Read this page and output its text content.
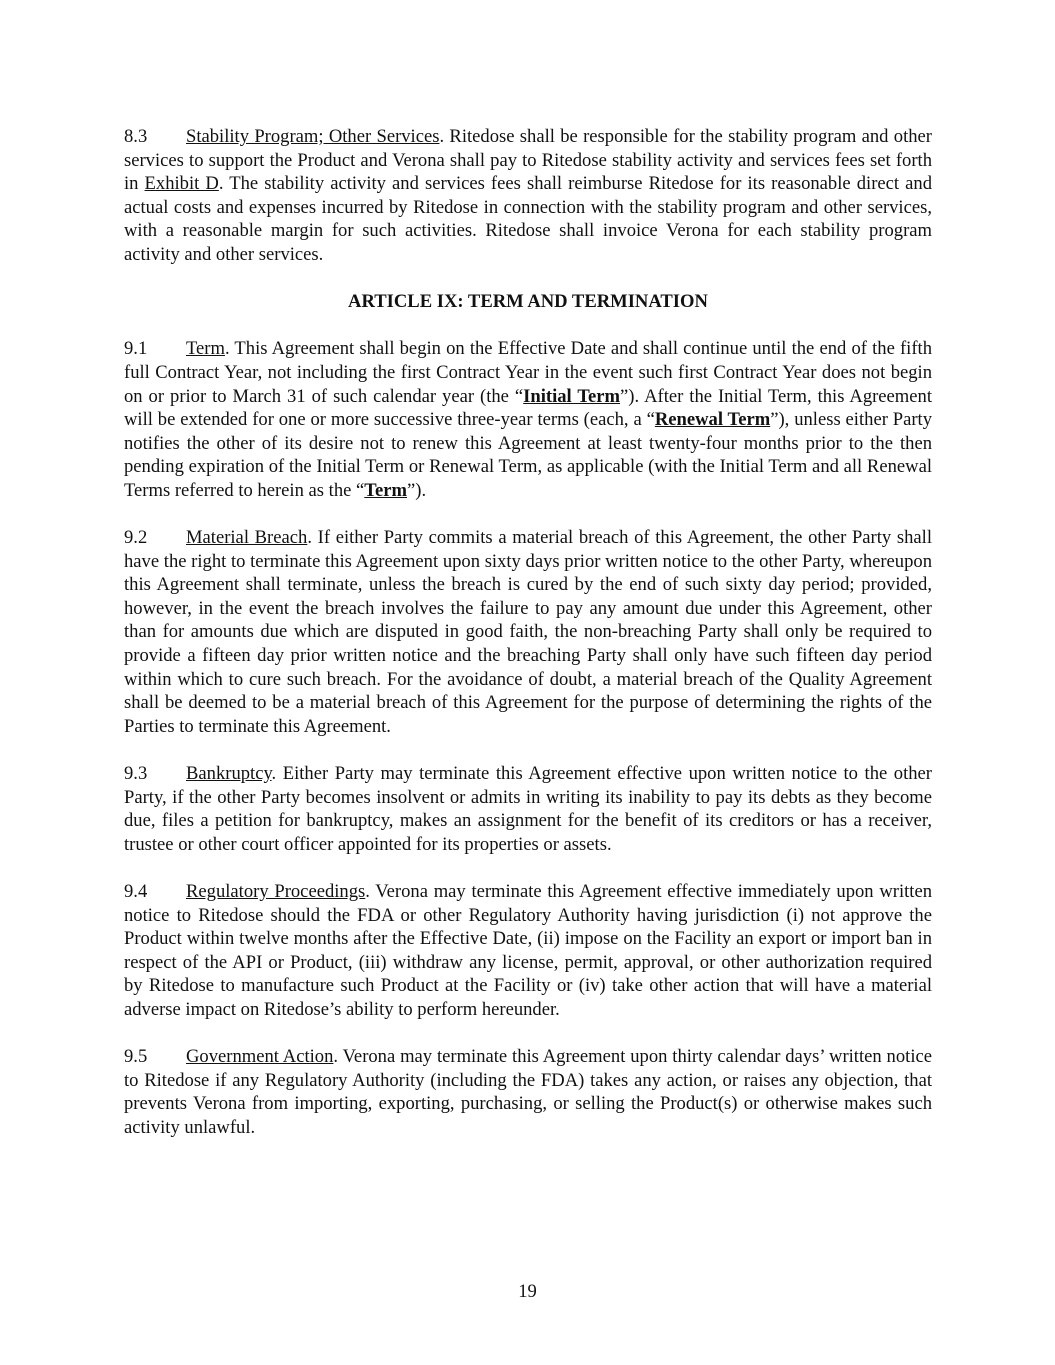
8.3 Stability Program; Other Services. Ritedose shall be responsible for the stability program and other services to support the Product and Verona shall pay to Ritedose stability activity and services fees set forth in Exhibit D. The stability activity and services fees shall reimburse Ritedose for its reasonable direct and actual costs and expenses incurred by Ritedose in connection with the stability program and other services, with a reasonable margin for such activities. Ritedose shall invoice Verona for each stability program activity and other services.

ARTICLE IX: TERM AND TERMINATION

9.1 Term. This Agreement shall begin on the Effective Date and shall continue until the end of the fifth full Contract Year, not including the first Contract Year in the event such first Contract Year does not begin on or prior to March 31 of such calendar year (the “Initial Term”). After the Initial Term, this Agreement will be extended for one or more successive three-year terms (each, a “Renewal Term”), unless either Party notifies the other of its desire not to renew this Agreement at least twenty-four months prior to the then pending expiration of the Initial Term or Renewal Term, as applicable (with the Initial Term and all Renewal Terms referred to herein as the “Term”).

9.2 Material Breach. If either Party commits a material breach of this Agreement, the other Party shall have the right to terminate this Agreement upon sixty days prior written notice to the other Party, whereupon this Agreement shall terminate, unless the breach is cured by the end of such sixty day period; provided, however, in the event the breach involves the failure to pay any amount due under this Agreement, other than for amounts due which are disputed in good faith, the non-breaching Party shall only be required to provide a fifteen day prior written notice and the breaching Party shall only have such fifteen day period within which to cure such breach. For the avoidance of doubt, a material breach of the Quality Agreement shall be deemed to be a material breach of this Agreement for the purpose of determining the rights of the Parties to terminate this Agreement.

9.3 Bankruptcy. Either Party may terminate this Agreement effective upon written notice to the other Party, if the other Party becomes insolvent or admits in writing its inability to pay its debts as they become due, files a petition for bankruptcy, makes an assignment for the benefit of its creditors or has a receiver, trustee or other court officer appointed for its properties or assets.

9.4 Regulatory Proceedings. Verona may terminate this Agreement effective immediately upon written notice to Ritedose should the FDA or other Regulatory Authority having jurisdiction (i) not approve the Product within twelve months after the Effective Date, (ii) impose on the Facility an export or import ban in respect of the API or Product, (iii) withdraw any license, permit, approval, or other authorization required by Ritedose to manufacture such Product at the Facility or (iv) take other action that will have a material adverse impact on Ritedose’s ability to perform hereunder.

9.5 Government Action. Verona may terminate this Agreement upon thirty calendar days’ written notice to Ritedose if any Regulatory Authority (including the FDA) takes any action, or raises any objection, that prevents Verona from importing, exporting, purchasing, or selling the Product(s) or otherwise makes such activity unlawful.

19
